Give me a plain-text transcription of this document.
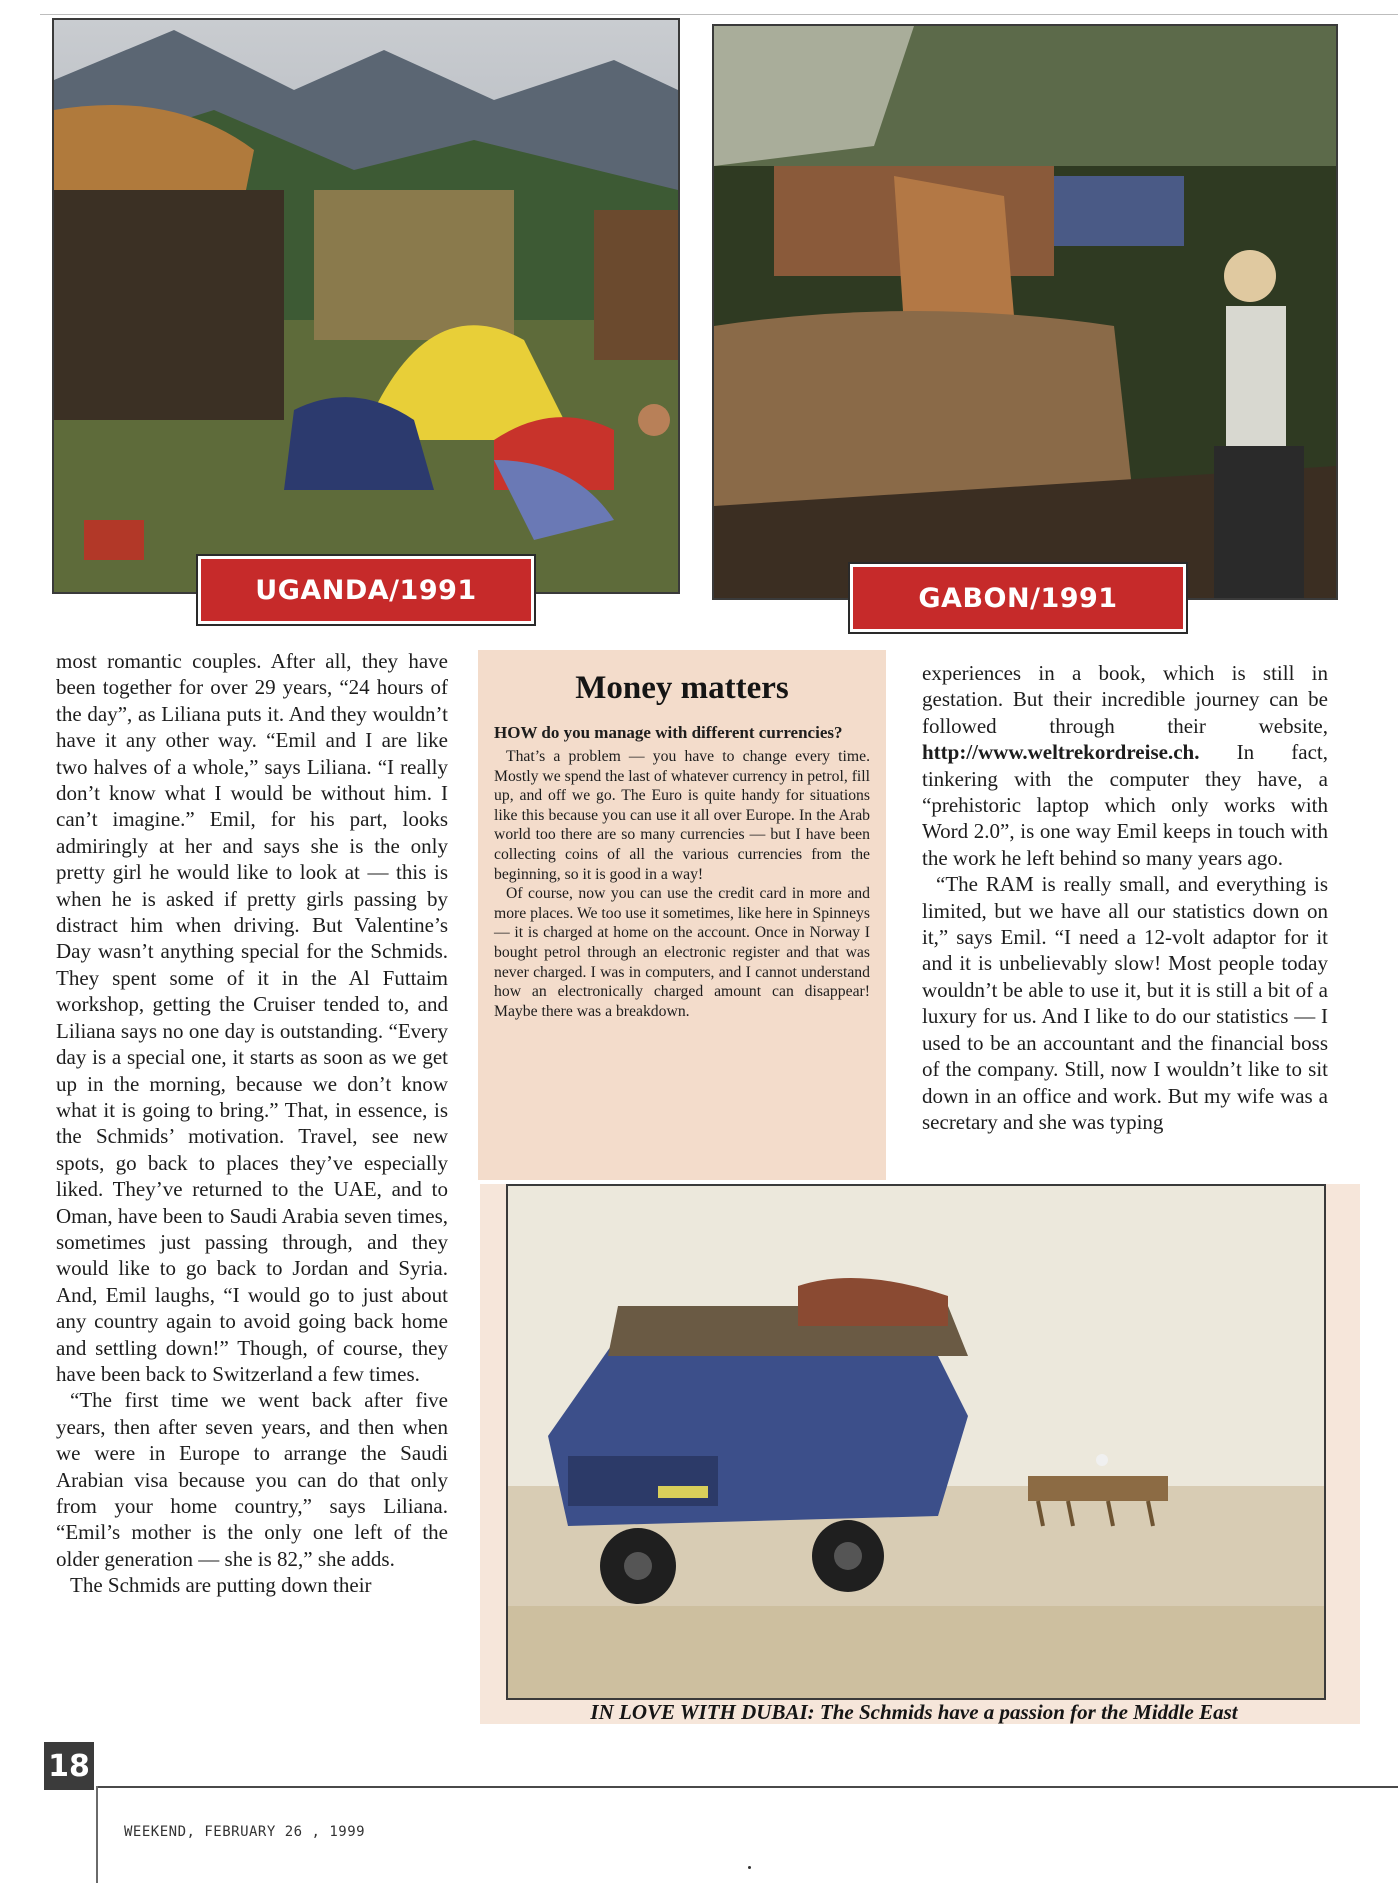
UGANDA/1991	GABON/1991

most romantic couples. After all, they have been together for over 29 years, “24 hours of the day”, as Liliana puts it. And they wouldn’t have it any other way. “Emil and I are like two halves of a whole,” says Liliana. “I really don’t know what I would be without him. I can’t imagine.” Emil, for his part, looks admiringly at her and says she is the only pretty girl he would like to look at — this is when he is asked if pretty girls passing by distract him when driving. But Valentine’s Day wasn’t anything special for the Schmids. They spent some of it in the Al Futtaim workshop, getting the Cruiser tended to, and Liliana says no one day is outstanding. “Every day is a special one, it starts as soon as we get up in the morning, because we don’t know what it is going to bring.” That, in essence, is the Schmids’ motivation. Travel, see new spots, go back to places they’ve especially liked. They’ve returned to the UAE, and to Oman, have been to Saudi Arabia seven times, sometimes just passing through, and they would like to go back to Jordan and Syria. And, Emil laughs, “I would go to just about any country again to avoid going back home and settling down!” Though, of course, they have been back to Switzerland a few times.

“The first time we went back after five years, then after seven years, and then when we were in Europe to arrange the Saudi Arabian visa because you can do that only from your home country,” says Liliana. “Emil’s mother is the only one left of the older generation — she is 82,” she adds.

The Schmids are putting down their

Money matters

HOW do you manage with different currencies?

That’s a problem — you have to change every time. Mostly we spend the last of whatever currency in petrol, fill up, and off we go. The Euro is quite handy for situations like this because you can use it all over Europe. In the Arab world too there are so many currencies — but I have been collecting coins of all the various currencies from the beginning, so it is good in a way!

Of course, now you can use the credit card in more and more places. We too use it sometimes, like here in Spinneys — it is charged at home on the account. Once in Norway I bought petrol through an electronic register and that was never charged. I was in computers, and I cannot understand how an electronically charged amount can disappear! Maybe there was a breakdown.

experiences in a book, which is still in gestation. But their incredible journey can be followed through their website, http://www.weltrekordreise.ch. In fact, tinkering with the computer they have, a “prehistoric laptop which only works with Word 2.0”, is one way Emil keeps in touch with the work he left behind so many years ago.

“The RAM is really small, and everything is limited, but we have all our statistics down on it,” says Emil. “I need a 12-volt adaptor for it and it is unbelievably slow! Most people today wouldn’t be able to use it, but it is still a bit of a luxury for us. And I like to do our statistics — I used to be an accountant and the financial boss of the company. Still, now I wouldn’t like to sit down in an office and work. But my wife was a secretary and she was typing

IN LOVE WITH DUBAI: The Schmids have a passion for the Middle East
18
WEEKEND, FEBRUARY 26 , 1999
